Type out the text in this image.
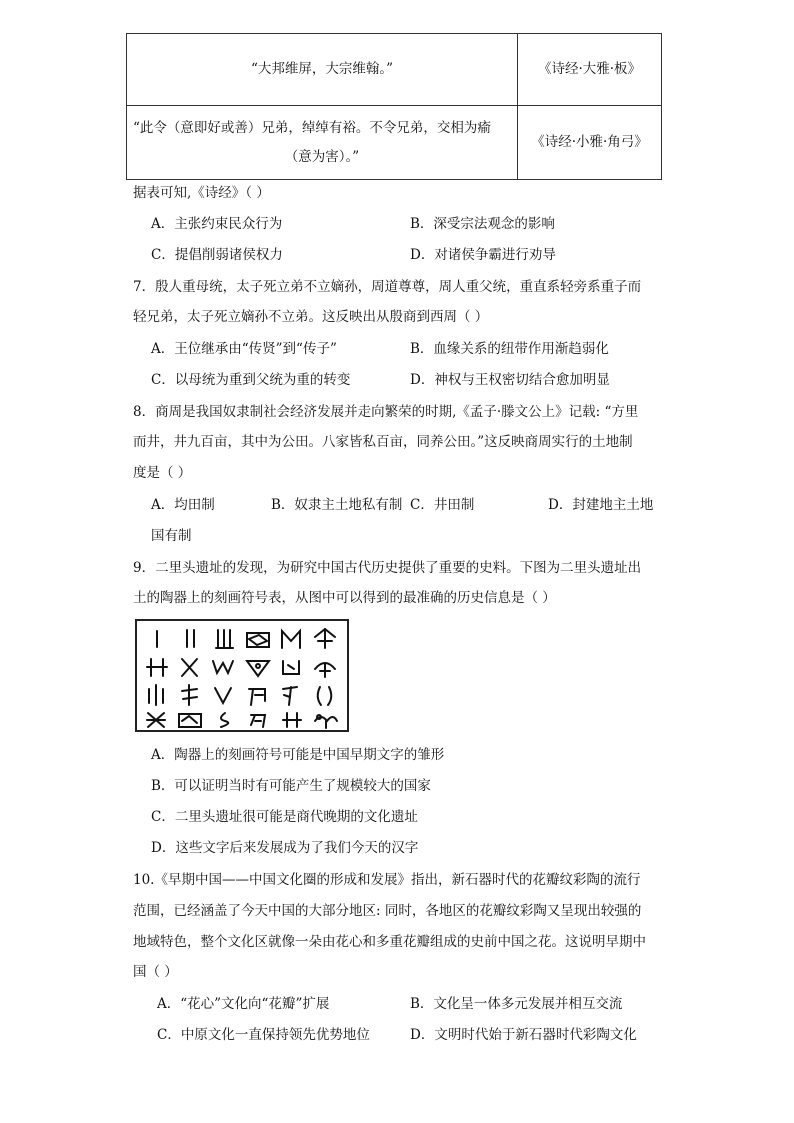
“大邦维屏，大宗维翰。”	《诗经·大雅·板》

“此令（意即好或善）兄弟，绰绰有裕。不令兄弟，交相为瘉
（意为害）。”	《诗经·小雅·角弓》
据表可知,《诗经》（ ）
A．主张约束民众行为	B．深受宗法观念的影响
C．提倡削弱诸侯权力	D．对诸侯争霸进行劝导
7．殷人重母统，太子死立弟不立嫡孙，周道尊尊，周人重父统，重直系轻旁系重子而
轻兄弟，太子死立嫡孙不立弟。这反映出从殷商到西周（ ）
A．王位继承由“传贤”到“传子”	B．血缘关系的纽带作用渐趋弱化
C．以母统为重到父统为重的转变	D．神权与王权密切结合愈加明显
8．商周是我国奴隶制社会经济发展并走向繁荣的时期,《孟子·滕文公上》记载: “方里
而井，井九百亩，其中为公田。八家皆私百亩，同养公田。”这反映商周实行的土地制
度是（ ）
A．均田制	B．奴隶主土地私有制 C．井田制	D．封建地主土地
国有制
9．二里头遗址的发现，为研究中国古代历史提供了重要的史料。下图为二里头遗址出
土的陶器上的刻画符号表，从图中可以得到的最准确的历史信息是（ ）
A．陶器上的刻画符号可能是中国早期文字的雏形
B．可以证明当时有可能产生了规模较大的国家
C．二里头遗址很可能是商代晚期的文化遗址
D．这些文字后来发展成为了我们今天的汉字
10.《早期中国——中国文化圈的形成和发展》指出，新石器时代的花瓣纹彩陶的流行
范围，已经涵盖了今天中国的大部分地区: 同时，各地区的花瓣纹彩陶又呈现出较强的
地域特色，整个文化区就像一朵由花心和多重花瓣组成的史前中国之花。这说明早期中
国（ ）
A．“花心”文化向“花瓣”扩展	B．文化呈一体多元发展并相互交流
C．中原文化一直保持领先优势地位	D．文明时代始于新石器时代彩陶文化
